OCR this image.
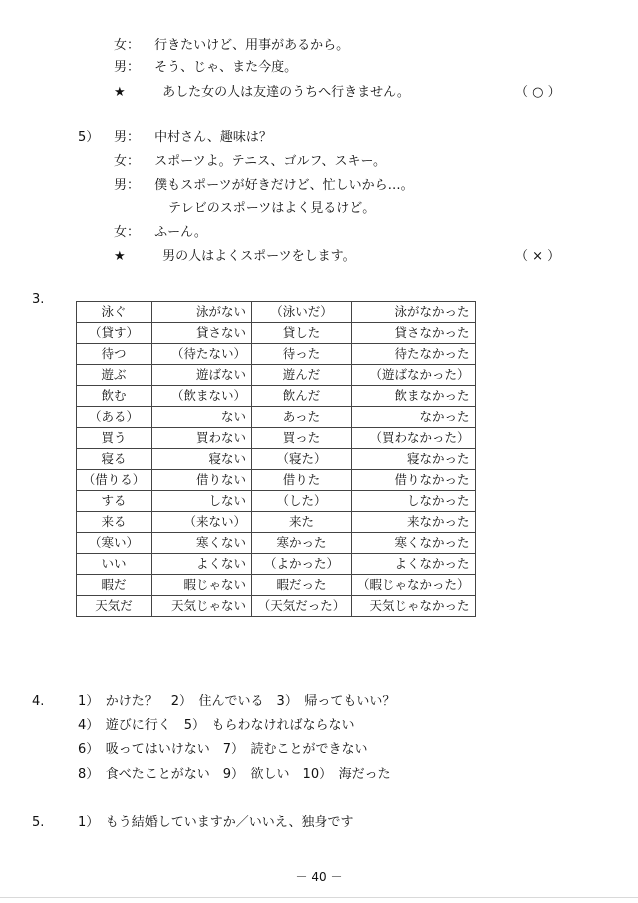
女： 行きたいけど、用事があるから。
男： そう、じゃ、また今度。
★	あした女の人は友達のうちへ行きません。	（ ○ ）
5） 男： 中村さん、趣味は？
女： スポーツよ。テニス、ゴルフ、スキー。
男： 僕もスポーツが好きだけど、忙しいから…。
テレビのスポーツはよく見るけど。
女： ふーん。
★	男の人はよくスポーツをします。	（ × ）
3.
泳ぐ	泳がない	（泳いだ）	泳がなかった
（貸す）	貸さない	貸した	貸さなかった
待つ	（待たない）	待った	待たなかった
遊ぶ	遊ばない	遊んだ	（遊ばなかった）
飲む	（飲まない）	飲んだ	飲まなかった
（ある）	ない	あった	なかった
買う	買わない	買った	（買わなかった）
寝る	寝ない	（寝た）	寝なかった
（借りる）	借りない	借りた	借りなかった
する	しない	（した）	しなかった
来る	（来ない）	来た	来なかった
（寒い）	寒くない	寒かった	寒くなかった
いい	よくない	（よかった）	よくなかった
暇だ	暇じゃない	暇だった	（暇じゃなかった）
天気だ	天気じゃない	（天気だった）	天気じゃなかった
4.	1）　かけた？　2）　住んでいる　3）　帰ってもいい？
4）　遊びに行く　5）　もらわなければならない
6）　吸ってはいけない　7）　読むことができない
8）　食べたことがない　9）　欲しい　10）　海だった
5.	1）　もう結婚していますか／いいえ、独身です
－ 40 －
